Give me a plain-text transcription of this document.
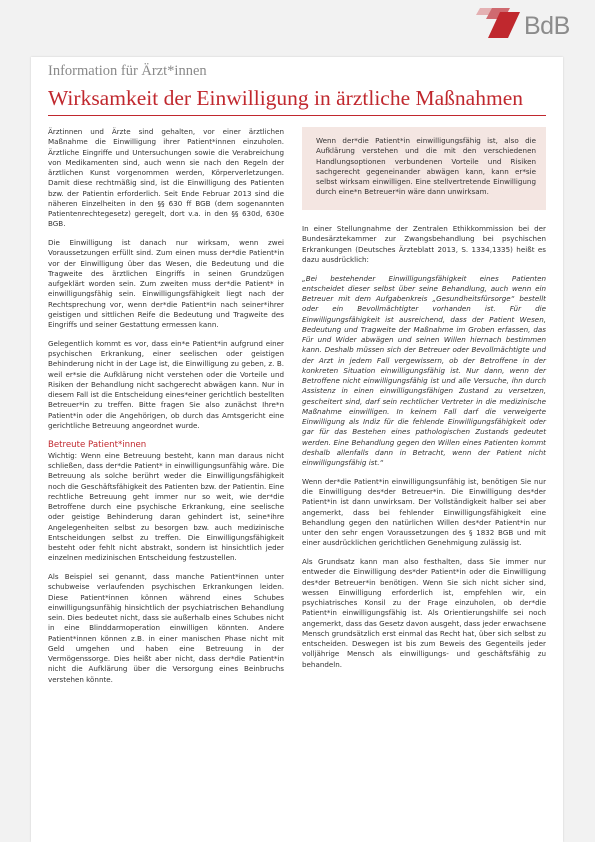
BdB
Information für Ärzt*innen
Wirksamkeit der Einwilligung in ärztliche Maßnahmen

Ärztinnen und Ärzte sind gehalten, vor einer ärztlichen Maßnahme die Einwilligung ihrer Patient*innen einzuholen. Ärztliche Eingriffe und Untersuchungen sowie die Verabreichung von Medikamenten sind, auch wenn sie nach den Regeln der ärztlichen Kunst vorgenommen werden, Körperverletzungen. Damit diese rechtmäßig sind, ist die Einwilligung des Patienten bzw. der Patientin erforderlich. Seit Ende Februar 2013 sind die näheren Einzelheiten in den §§ 630 ff BGB (dem sogenannten Patientenrechtegesetz) geregelt, dort v.a. in den §§ 630d, 630e BGB.

Die Einwilligung ist danach nur wirksam, wenn zwei Voraussetzungen erfüllt sind. Zum einen muss der*die Patient*in vor der Einwilligung über das Wesen, die Bedeutung und die Tragweite des ärztlichen Eingriffs in seinen Grundzügen aufgeklärt worden sein. Zum zweiten muss der*die Patient* in einwilligungsfähig sein. Einwilligungsfähigkeit liegt nach der Rechtsprechung vor, wenn der*die Patient*in nach seiner*ihrer geistigen und sittlichen Reife die Bedeutung und Tragweite des Eingriffs und seiner Gestattung ermessen kann.

Gelegentlich kommt es vor, dass ein*e Patient*in aufgrund einer psychischen Erkrankung, einer seelischen oder geistigen Behinderung nicht in der Lage ist, die Einwilligung zu geben, z. B. weil er*sie die Aufklärung nicht verstehen oder die Vorteile und Risiken der Behandlung nicht sachgerecht abwägen kann. Nur in diesem Fall ist die Entscheidung eines*einer gerichtlich bestellten Betreuer*in zu treffen. Bitte fragen Sie also zunächst Ihre*n Patient*in oder die Angehörigen, ob durch das Amtsgericht eine gerichtliche Betreuung angeordnet wurde.

Betreute Patient*innen

Wichtig: Wenn eine Betreuung besteht, kann man daraus nicht schließen, dass der*die Patient* in einwilligungsunfähig wäre. Die Betreuung als solche berührt weder die Einwilligungsfähigkeit noch die Geschäftsfähigkeit des Patienten bzw. der Patientin. Eine rechtliche Betreuung geht immer nur so weit, wie der*die Betroffene durch eine psychische Erkrankung, eine seelische oder geistige Behinderung daran gehindert ist, seine*ihre Angelegenheiten selbst zu besorgen bzw. auch medizinische Entscheidungen selbst zu treffen. Die Einwilligungsfähigkeit besteht oder fehlt nicht abstrakt, sondern ist hinsichtlich jeder einzelnen medizinischen Entscheidung festzustellen.

Als Beispiel sei genannt, dass manche Patient*innen unter schubweise verlaufenden psychischen Erkrankungen leiden. Diese Patient*innen können während eines Schubes einwilligungsunfähig hinsichtlich der psychiatrischen Behandlung sein. Dies bedeutet nicht, dass sie außerhalb eines Schubes nicht in eine Blinddarmoperation einwilligen könnten. Andere Patient*innen können z.B. in einer manischen Phase nicht mit Geld umgehen und haben eine Betreuung in der Vermögenssorge. Dies heißt aber nicht, dass der*die Patient*in nicht die Aufklärung über die Versorgung eines Beinbruchs verstehen könnte.

Wenn der*die Patient*in einwilligungsfähig ist, also die Aufklärung verstehen und die mit den verschiedenen Handlungsoptionen verbundenen Vorteile und Risiken sachgerecht gegeneinander abwägen kann, kann er*sie selbst wirksam einwilligen. Eine stellvertretende Einwilligung durch eine*n Betreuer*in wäre dann unwirksam.

In einer Stellungnahme der Zentralen Ethikkommission bei der Bundesärztekammer zur Zwangsbehandlung bei psychischen Erkrankungen (Deutsches Ärzteblatt 2013, S. 1334,1335) heißt es dazu ausdrücklich:

„Bei bestehender Einwilligungsfähigkeit eines Patienten entscheidet dieser selbst über seine Behandlung, auch wenn ein Betreuer mit dem Aufgabenkreis „Gesundheitsfürsorge“ bestellt oder ein Bevollmächtigter vorhanden ist. Für die Einwilligungsfähigkeit ist ausreichend, dass der Patient Wesen, Bedeutung und Tragweite der Maßnahme im Groben erfassen, das Für und Wider abwägen und seinen Willen hiernach bestimmen kann. Deshalb müssen sich der Betreuer oder Bevollmächtigte und der Arzt in jedem Fall vergewissern, ob der Betroffene in der konkreten Situation einwilligungsfähig ist. Nur dann, wenn der Betroffene nicht einwilligungsfähig ist und alle Versuche, ihn durch Assistenz in einen einwilligungsfähigen Zustand zu versetzen, gescheitert sind, darf sein rechtlicher Vertreter in die medizinische Maßnahme einwilligen. In keinem Fall darf die verweigerte Einwilligung als Indiz für die fehlende Einwilligungsfähigkeit oder gar für das Bestehen eines pathologischen Zustands gedeutet werden. Eine Behandlung gegen den Willen eines Patienten kommt deshalb allenfalls dann in Betracht, wenn der Patient nicht einwilligungsfähig ist.“

Wenn der*die Patient*in einwilligungsunfähig ist, benötigen Sie nur die Einwilligung des*der Betreuer*in. Die Einwilligung des*der Patient*in ist dann unwirksam. Der Vollständigkeit halber sei aber angemerkt, dass bei fehlender Einwilligungsfähigkeit eine Behandlung gegen den natürlichen Willen des*der Patient*in nur unter den sehr engen Voraussetzungen des § 1832 BGB und mit einer ausdrücklichen gerichtlichen Genehmigung zulässig ist.

Als Grundsatz kann man also festhalten, dass Sie immer nur entweder die Einwilligung des*der Patient*in oder die Einwilligung des*der Betreuer*in benötigen. Wenn Sie sich nicht sicher sind, wessen Einwilligung erforderlich ist, empfehlen wir, ein psychiatrisches Konsil zu der Frage einzuholen, ob der*die Patient*in einwilligungsfähig ist. Als Orientierungshilfe sei noch angemerkt, dass das Gesetz davon ausgeht, dass jeder erwachsene Mensch grundsätzlich erst einmal das Recht hat, über sich selbst zu entscheiden. Deswegen ist bis zum Beweis des Gegenteils jeder volljährige Mensch als einwilligungs- und geschäftsfähig zu behandeln.
